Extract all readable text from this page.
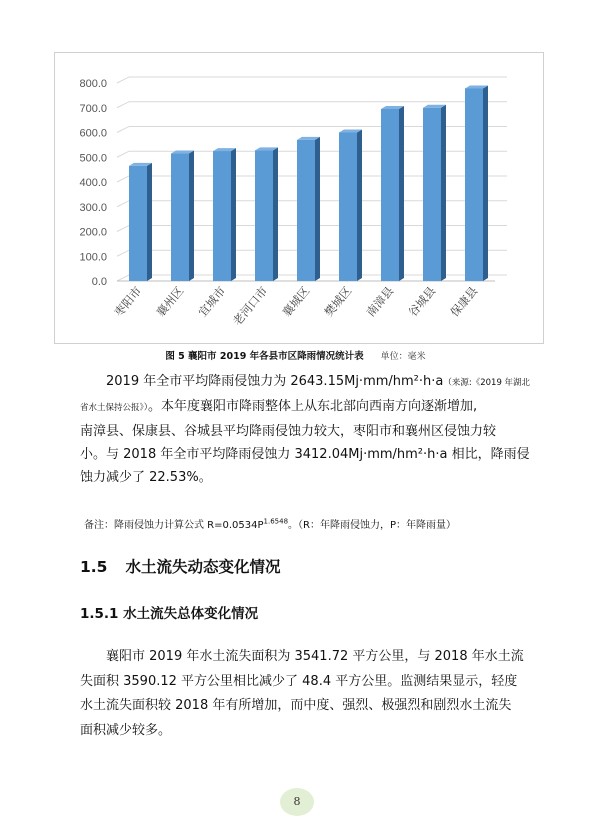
0.0
100.0
200.0
300.0
400.0
500.0
600.0
700.0
800.0
枣阳市 襄州区 宜城市 老河口市 襄城区 樊城区 南漳县 谷城县 保康县
图 5 襄阳市 2019 年各县市区降雨情况统计表 单位：毫米
2019 年全市平均降雨侵蚀力为 2643.15Mj·mm/hm²·h·a（来源:《2019 年湖北
省水土保持公报》）。本年度襄阳市降雨整体上从东北部向西南方向逐渐增加,
南漳县、保康县、谷城县平均降雨侵蚀力较大，枣阳市和襄州区侵蚀力较
小。与 2018 年全市平均降雨侵蚀力 3412.04Mj·mm/hm²·h·a 相比，降雨侵
蚀力减少了 22.53%。
备注：降雨侵蚀力计算公式 $R=0.0534P^{1.6548}$。（R：年降雨侵蚀力，P：年降雨量）
1.5 水土流失动态变化情况
1.5.1 水土流失总体变化情况
襄阳市 2019 年水土流失面积为 3541.72 平方公里，与 2018 年水土流
失面积 3590.12 平方公里相比减少了 48.4 平方公里。监测结果显示，轻度
水土流失面积较 2018 年有所增加，而中度、强烈、极强烈和剧烈水土流失
面积减少较多。
8
